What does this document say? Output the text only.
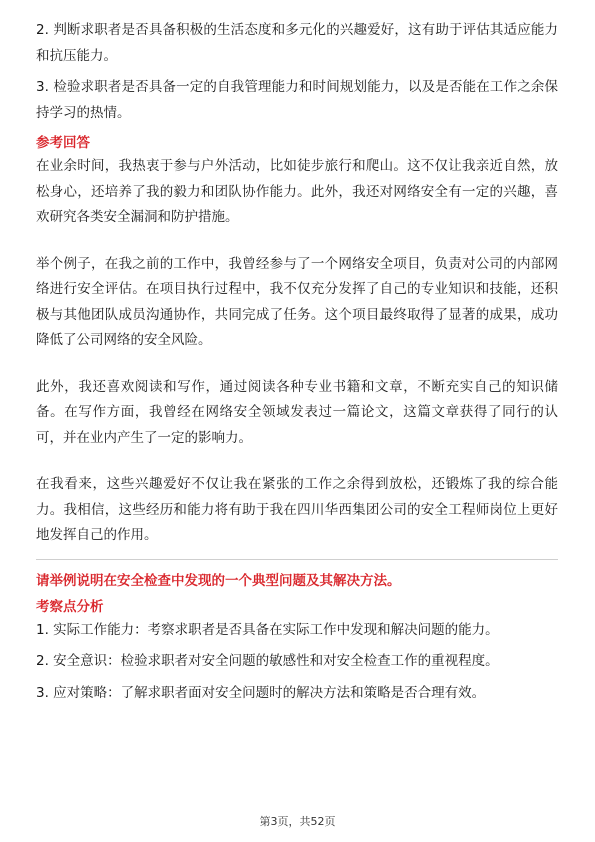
2. 判断求职者是否具备积极的生活态度和多元化的兴趣爱好，这有助于评估其适应能力和抗压能力。

3. 检验求职者是否具备一定的自我管理能力和时间规划能力，以及是否能在工作之余保持学习的热情。

参考回答

在业余时间，我热衷于参与户外活动，比如徒步旅行和爬山。这不仅让我亲近自然，放松身心，还培养了我的毅力和团队协作能力。此外，我还对网络安全有一定的兴趣，喜欢研究各类安全漏洞和防护措施。

举个例子，在我之前的工作中，我曾经参与了一个网络安全项目，负责对公司的内部网络进行安全评估。在项目执行过程中，我不仅充分发挥了自己的专业知识和技能，还积极与其他团队成员沟通协作，共同完成了任务。这个项目最终取得了显著的成果，成功降低了公司网络的安全风险。

此外，我还喜欢阅读和写作，通过阅读各种专业书籍和文章，不断充实自己的知识储备。在写作方面，我曾经在网络安全领域发表过一篇论文，这篇文章获得了同行的认可，并在业内产生了一定的影响力。

在我看来，这些兴趣爱好不仅让我在紧张的工作之余得到放松，还锻炼了我的综合能力。我相信，这些经历和能力将有助于我在四川华西集团公司的安全工程师岗位上更好地发挥自己的作用。

请举例说明在安全检查中发现的一个典型问题及其解决方法。
考察点分析

1. 实际工作能力：考察求职者是否具备在实际工作中发现和解决问题的能力。

2. 安全意识：检验求职者对安全问题的敏感性和对安全检查工作的重视程度。

3. 应对策略：了解求职者面对安全问题时的解决方法和策略是否合理有效。

第3页，共52页
